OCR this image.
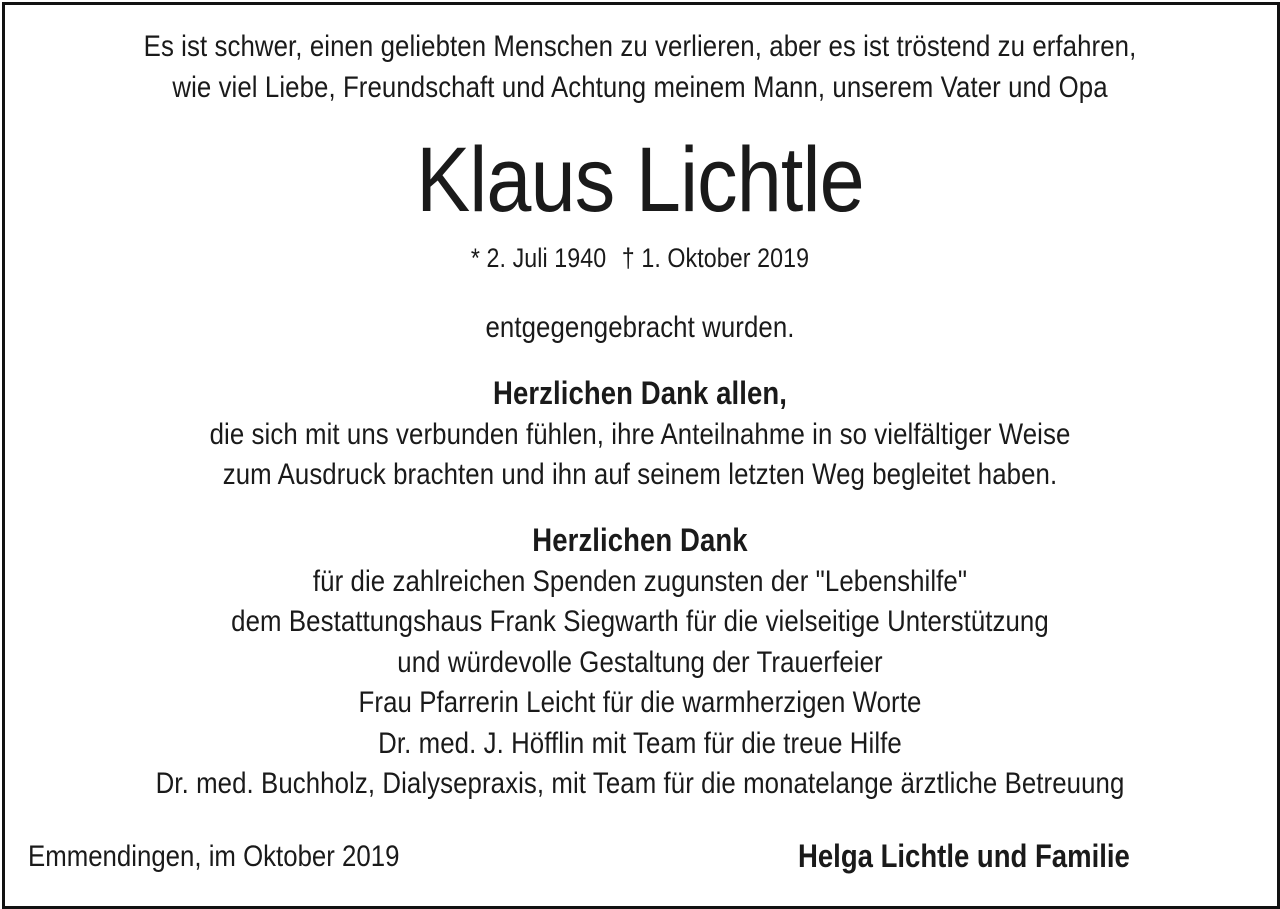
Es ist schwer, einen geliebten Menschen zu verlieren, aber es ist tröstend zu erfahren,
wie viel Liebe, Freundschaft und Achtung meinem Mann, unserem Vater und Opa
Klaus Lichtle
* 2. Juli 1940 † 1. Oktober 2019
entgegengebracht wurden.
Herzlichen Dank allen,
die sich mit uns verbunden fühlen, ihre Anteilnahme in so vielfältiger Weise
zum Ausdruck brachten und ihn auf seinem letzten Weg begleitet haben.
Herzlichen Dank
für die zahlreichen Spenden zugunsten der "Lebenshilfe"
dem Bestattungshaus Frank Siegwarth für die vielseitige Unterstützung
und würdevolle Gestaltung der Trauerfeier
Frau Pfarrerin Leicht für die warmherzigen Worte
Dr. med. J. Höfflin mit Team für die treue Hilfe
Dr. med. Buchholz, Dialysepraxis, mit Team für die monatelange ärztliche Betreuung
Emmendingen, im Oktober 2019	Helga Lichtle und Familie
